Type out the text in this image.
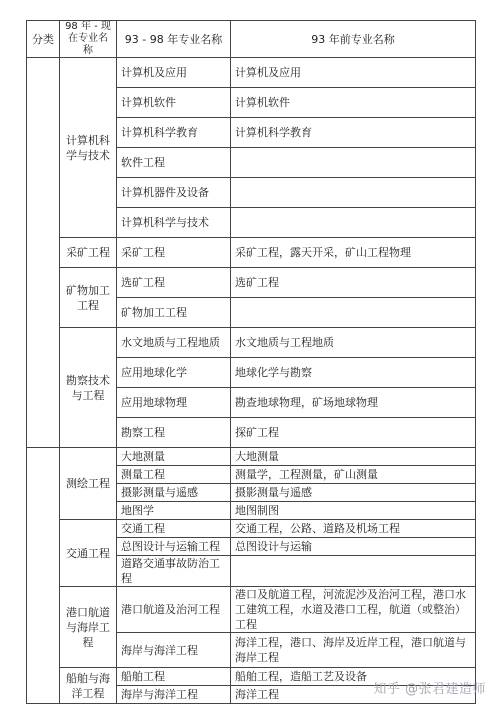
分类	98 年 - 现在专业名称	93 - 98 年专业名称	93 年前专业名称
	计算机科学与技术	计算机及应用	计算机及应用
		计算机软件	计算机软件
		计算机科学教育	计算机科学教育
		软件工程	
		计算机器件及设备	
		计算机科学与技术	
	采矿工程	采矿工程	采矿工程，露天开采，矿山工程物理
	矿物加工工程	选矿工程	选矿工程
		矿物加工工程	
	勘察技术与工程	水文地质与工程地质	水文地质与工程地质
		应用地球化学	地球化学与勘察
		应用地球物理	勘查地球物理，矿场地球物理
		勘察工程	探矿工程
	测绘工程	大地测量	大地测量
		测量工程	测量学，工程测量，矿山测量
		摄影测量与遥感	摄影测量与遥感
		地图学	地图制图
	交通工程	交通工程	交通工程，公路、道路及机场工程
		总图设计与运输工程	总图设计与运输
		道路交通事故防治工程	
	港口航道与海岸工程	港口航道及治河工程	港口及航道工程，河流泥沙及治河工程，港口水工建筑工程，水道及港口工程，航道（或整治）工程
		海岸与海洋工程	海洋工程，港口、海岸及近岸工程，港口航道与海岸工程
	船舶与海洋工程	船舶工程	船舶工程，造船工艺及设备
		海岸与海洋工程	海洋工程	知乎 @张君建造师
